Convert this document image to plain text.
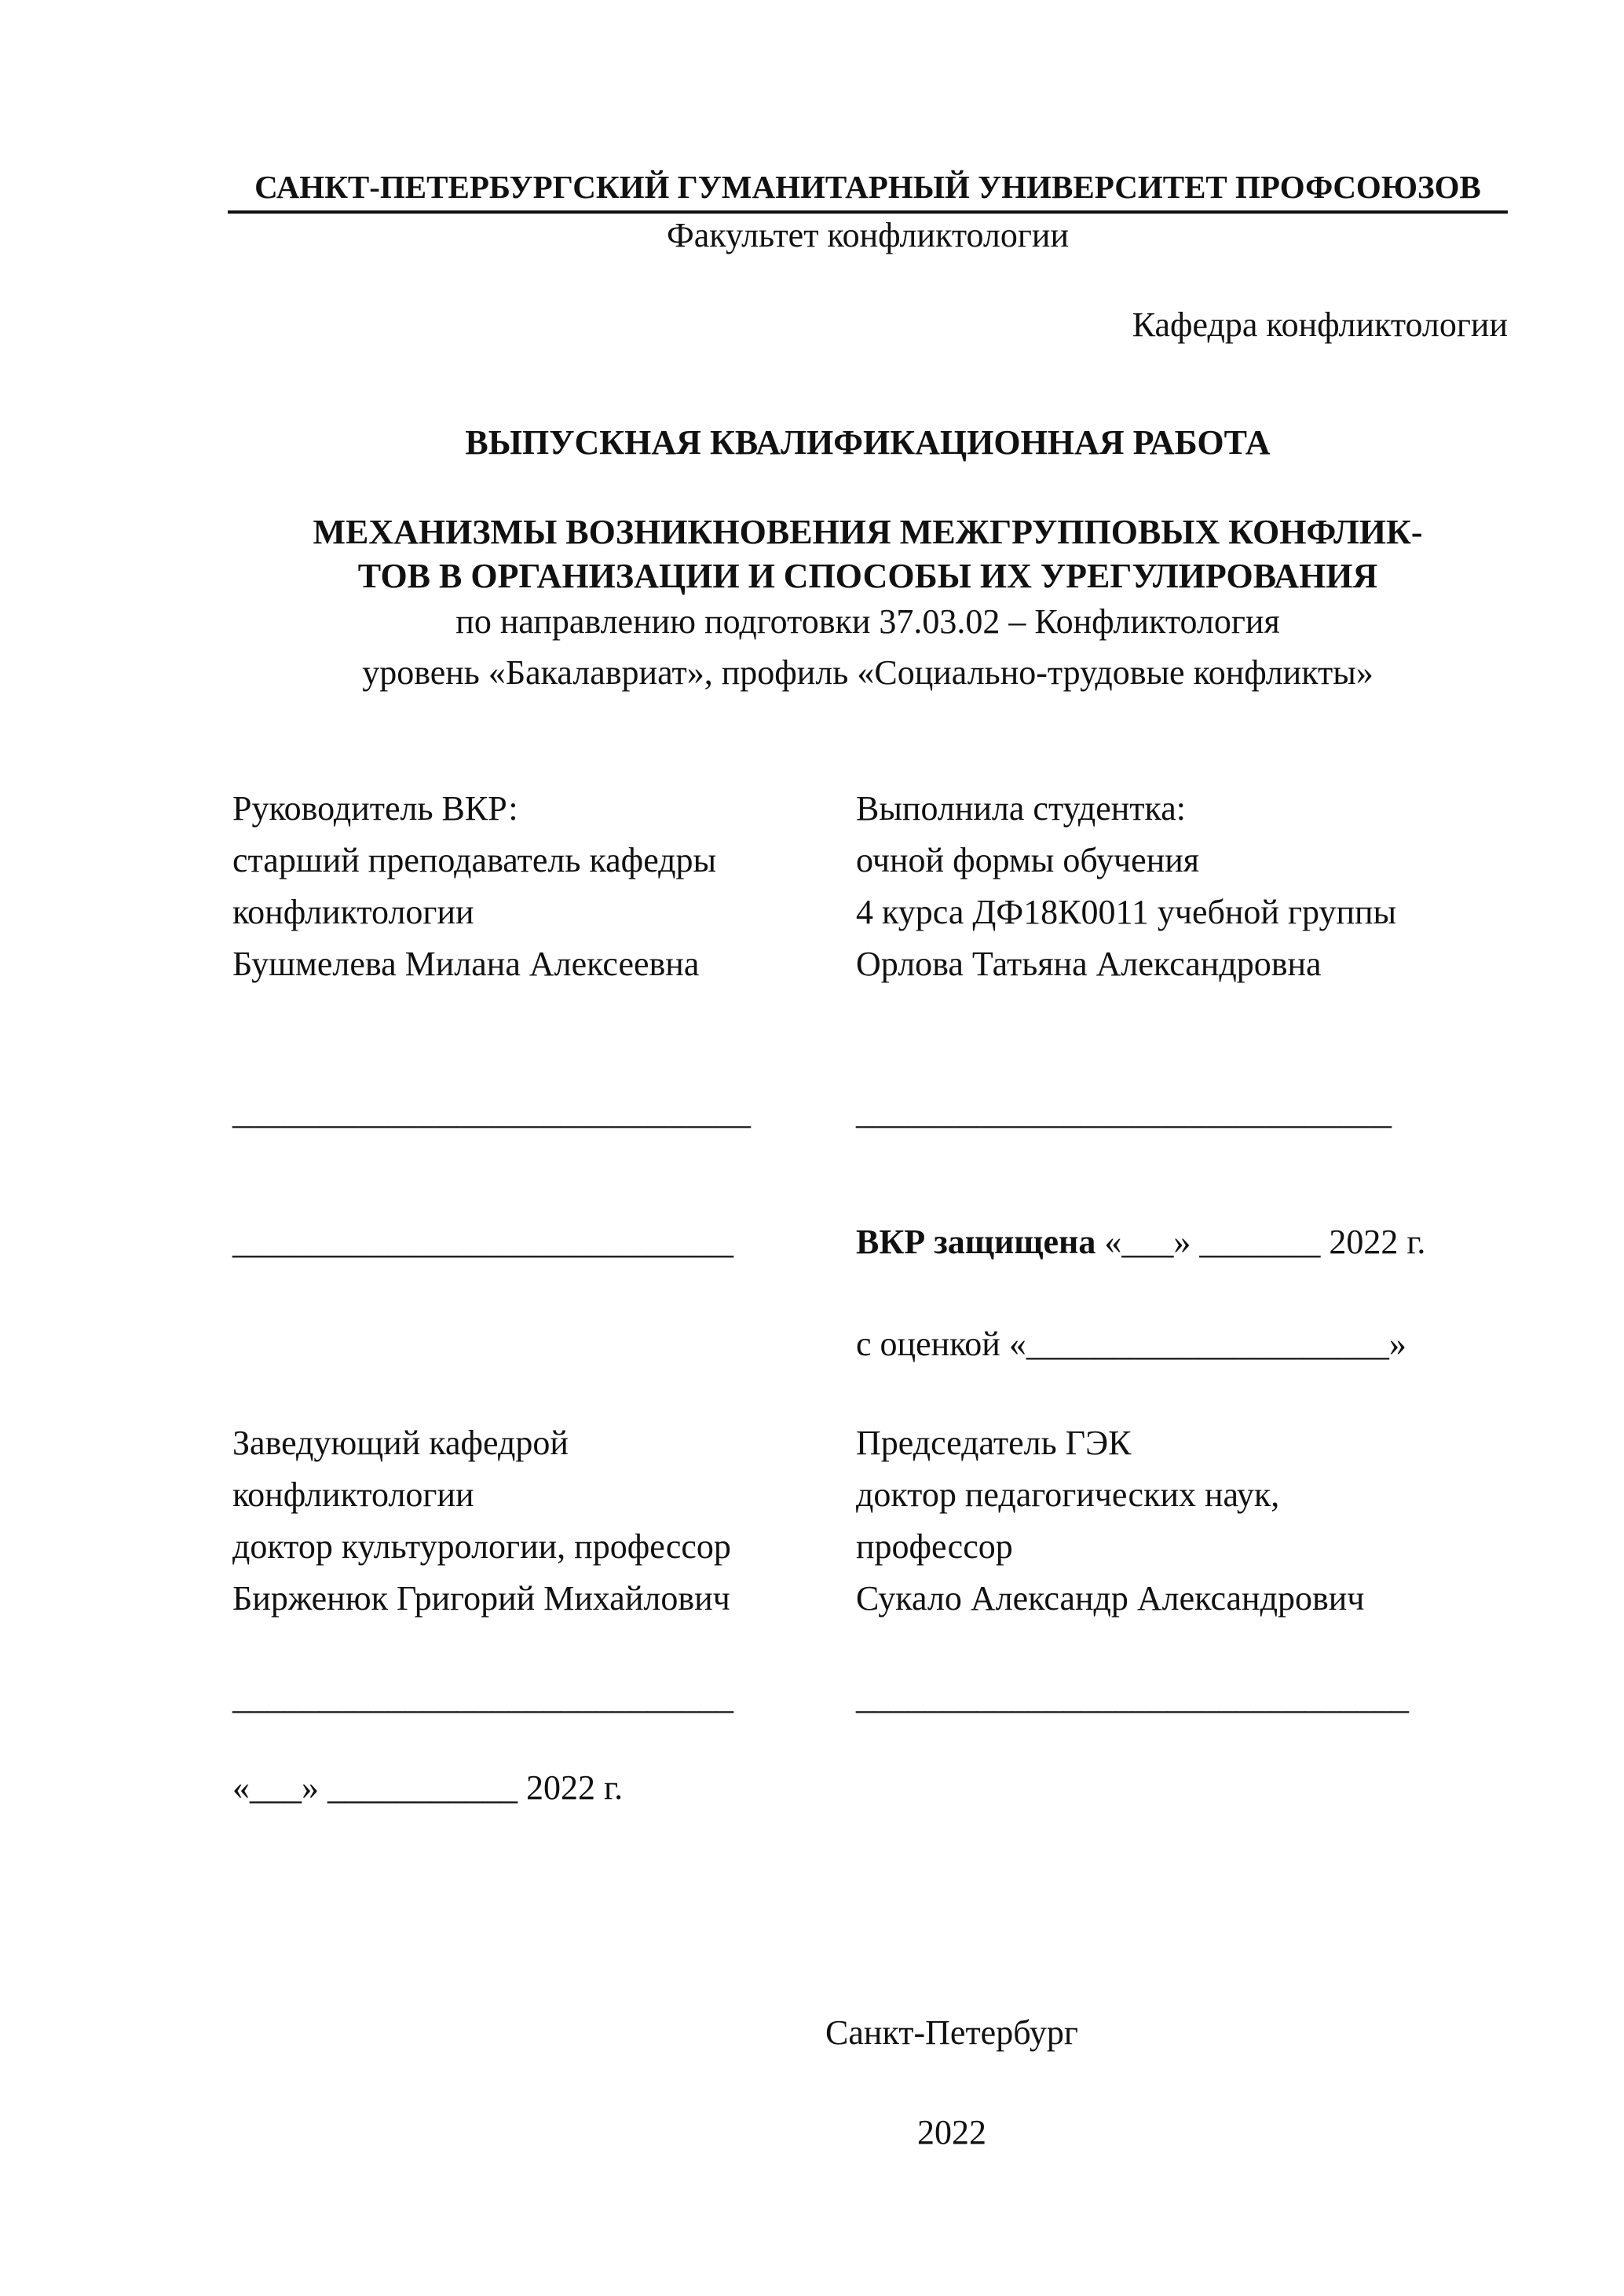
САНКТ-ПЕТЕРБУРГСКИЙ ГУМАНИТАРНЫЙ УНИВЕРСИТЕТ ПРОФСОЮЗОВ
Факультет конфликтологии
Кафедра конфликтологии
ВЫПУСКНАЯ КВАЛИФИКАЦИОННАЯ РАБОТА
МЕХАНИЗМЫ ВОЗНИКНОВЕНИЯ МЕЖГРУППОВЫХ КОНФЛИК-
ТОВ В ОРГАНИЗАЦИИ И СПОСОБЫ ИХ УРЕГУЛИРОВАНИЯ
по направлению подготовки 37.03.02 – Конфликтология
уровень «Бакалавриат», профиль «Социально-трудовые конфликты»
Руководитель ВКР:
старший преподаватель кафедры
конфликтологии
Бушмелева Милана Алексеевна
Выполнила студентка:
очной формы обучения
4 курса ДФ18К0011 учебной группы
Орлова Татьяна Александровна
______________________________	_______________________________
_____________________________	ВКР защищена «___» _______ 2022 г.
с оценкой «_____________________»
Заведующий кафедрой
конфликтологии
доктор культурологии, профессор
Бирженюк Григорий Михайлович
Председатель ГЭК
доктор педагогических наук,
профессор
Сукало Александр Александрович
_____________________________	________________________________
«___» ___________ 2022 г.
Санкт-Петербург
2022
